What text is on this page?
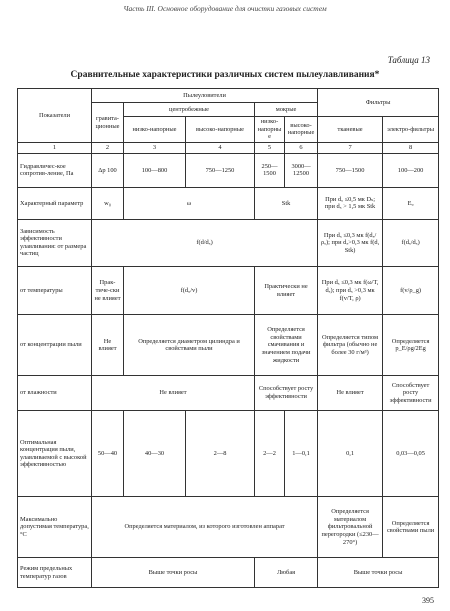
Часть III. Основное оборудование для очистки газовых систем
Таблица 13
Сравнительные характеристики различных систем пылеулавливания*
Показатели	Пылеуловители					Фильтры	
	гравита-ционные	центробежные		мокрые			
		низко-напорные	высоко-напорные	низко-напорные	высоко-напорные	тканевые	электро-фильтры
1	2	3	4	5	6	7	8
Гидравличес-кое сопротив-ление, Па	Δр 100	100—800	750—1250	250—1500	3000—12500	750—1500	100—200
Характерный параметр	w₀	ω		Stk		При dₓ ≤0,5 мк Dₛ; при dₓ > 1,5 мк Stk	Eᵤ
Зависимость эффективности улавливания: от размера частиц	f(d/dₓ)					При dₓ ≤0,3 мк f(dₓ/ρₓ); при dₓ>0,3 мк f(d, Stk)	f(dₓ/dₓ)
от температуры	Прак-тиче-ски не влияет	f(dᵤ/v)		Практически не влияет		При dₓ ≤0,3 мк f(ω/T, dₓ); при dₓ >0,3 мк f(v/T, ρ)	f(v/ρ_g)
от концентрации пыли	Не влияет	Определяется диаметром цилиндра и свойствами пыли		Определяется свойствами смачивания и значением подачи жидкости		Определяется типом фильтра (обычно не более 30 г/м³)	Определяется p_E/ρg/2Eg
от влажности	Не влияет			Способствует росту эффективности		Не влияет	Способствует росту эффективности
Оптимальная концентрация пыли, улавливаемой с высокой эффективностью	50—40	40—30	2—8	2—2	1—0,1	0,1	0,03—0,05
Максимально допустимая температура, °С	Определяется материалом, из которого изготовлен аппарат					Определяется материалом фильтровальной перегородки (≤230—270°)	Определяется свойствами пыли
Режим предельных температур газов	Выше точки росы			Любая		Выше точки росы	
395
